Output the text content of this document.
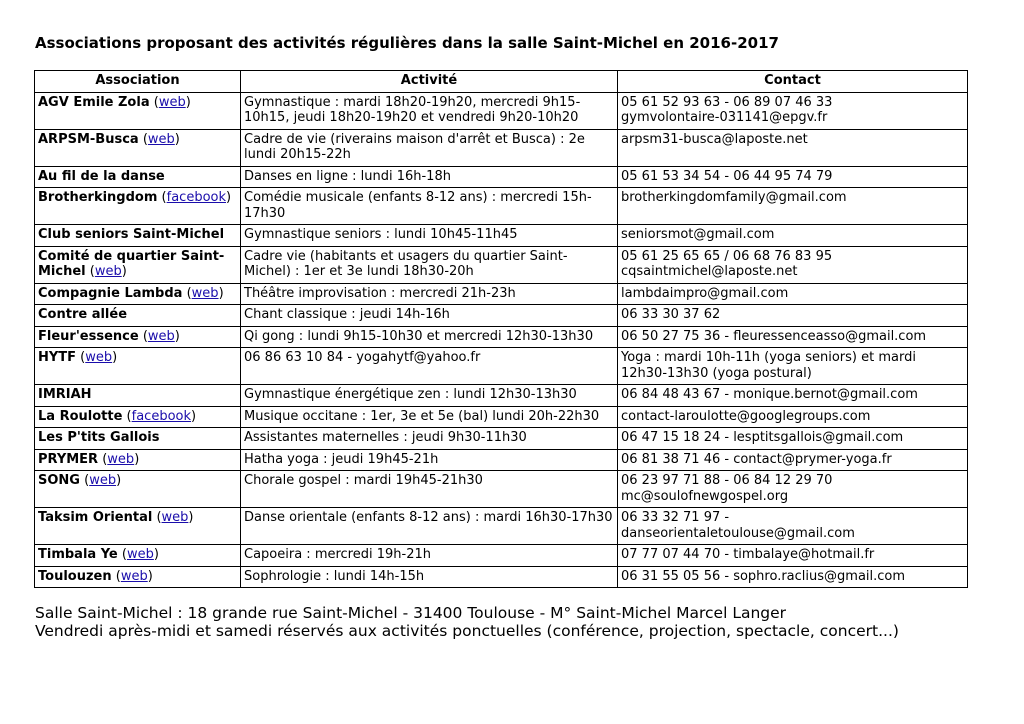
Associations proposant des activités régulières dans la salle Saint-Michel en 2016-2017
Association	Activité	Contact
AGV Emile Zola (web)	Gymnastique : mardi 18h20-19h20, mercredi 9h15-10h15, jeudi 18h20-19h20 et vendredi 9h20-10h20	05 61 52 93 63 - 06 89 07 46 33
gymvolontaire-031141@epgv.fr

ARPSM-Busca (web)	Cadre de vie (riverains maison d'arrêt et Busca) : 2e lundi 20h15-22h	arpsm31-busca@laposte.net

Au fil de la danse	Danses en ligne : lundi 16h-18h	05 61 53 34 54 - 06 44 95 74 79

Brotherkingdom (facebook)	Comédie musicale (enfants 8-12 ans) : mercredi 15h-17h30	brotherkingdomfamily@gmail.com

Club seniors Saint-Michel	Gymnastique seniors : lundi 10h45-11h45	seniorsmot@gmail.com

Comité de quartier Saint-Michel (web)	Cadre vie (habitants et usagers du quartier Saint-Michel) : 1er et 3e lundi 18h30-20h	05 61 25 65 65 / 06 68 76 83 95
cqsaintmichel@laposte.net

Compagnie Lambda (web)	Théâtre improvisation : mercredi 21h-23h	lambdaimpro@gmail.com

Contre allée	Chant classique : jeudi 14h-16h	06 33 30 37 62

Fleur'essence (web)	Qi gong : lundi 9h15-10h30 et mercredi 12h30-13h30	06 50 27 75 36 - fleuressenceasso@gmail.com

HYTF (web)	06 86 63 10 84 - yogahytf@yahoo.fr	Yoga : mardi 10h-11h (yoga seniors) et mardi 12h30-13h30 (yoga postural)

IMRIAH	Gymnastique énergétique zen : lundi 12h30-13h30	06 84 48 43 67 - monique.bernot@gmail.com

La Roulotte (facebook)	Musique occitane : 1er, 3e et 5e (bal) lundi 20h-22h30	contact-laroulotte@googlegroups.com

Les P'tits Gallois	Assistantes maternelles : jeudi 9h30-11h30	06 47 15 18 24 - lesptitsgallois@gmail.com

PRYMER (web)	Hatha yoga : jeudi 19h45-21h	06 81 38 71 46 - contact@prymer-yoga.fr

SONG (web)	Chorale gospel : mardi 19h45-21h30	06 23 97 71 88 - 06 84 12 29 70
mc@soulofnewgospel.org

Taksim Oriental (web)	Danse orientale (enfants 8-12 ans) : mardi 16h30-17h30	06 33 32 71 97 - danseorientaletoulouse@gmail.com

Timbala Ye (web)	Capoeira : mercredi 19h-21h	07 77 07 44 70 - timbalaye@hotmail.fr

Toulouzen (web)	Sophrologie : lundi 14h-15h	06 31 55 05 56 - sophro.raclius@gmail.com
Salle Saint-Michel : 18 grande rue Saint-Michel - 31400 Toulouse - M° Saint-Michel Marcel Langer
Vendredi après-midi et samedi réservés aux activités ponctuelles (conférence, projection, spectacle, concert...)
